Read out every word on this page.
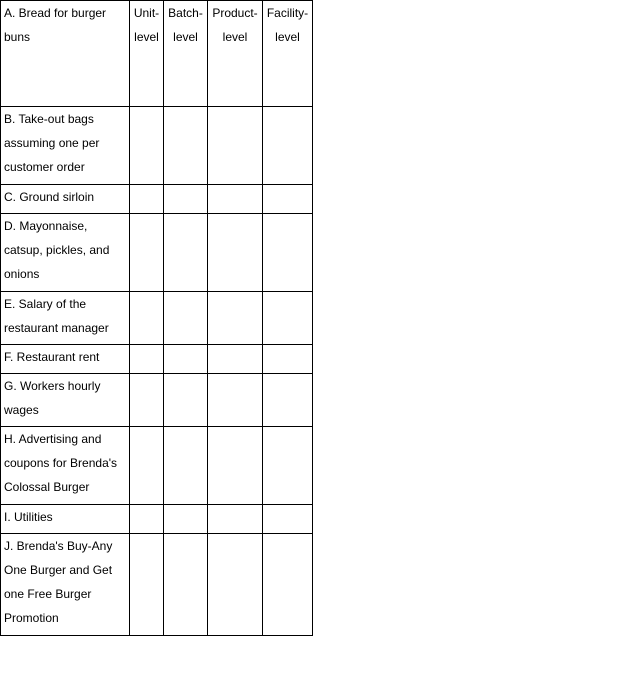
A. Bread for burger buns	Unit-level	Batch-level	Product-level	Facility-level

B. Take-out bags assuming one per customer order				

C. Ground sirloin				

D. Mayonnaise, catsup, pickles, and onions				

E. Salary of the restaurant manager				

F. Restaurant rent				

G. Workers hourly wages				

H. Advertising and coupons for Brenda's Colossal Burger				

I. Utilities				

J. Brenda's Buy-Any One Burger and Get one Free Burger Promotion				
